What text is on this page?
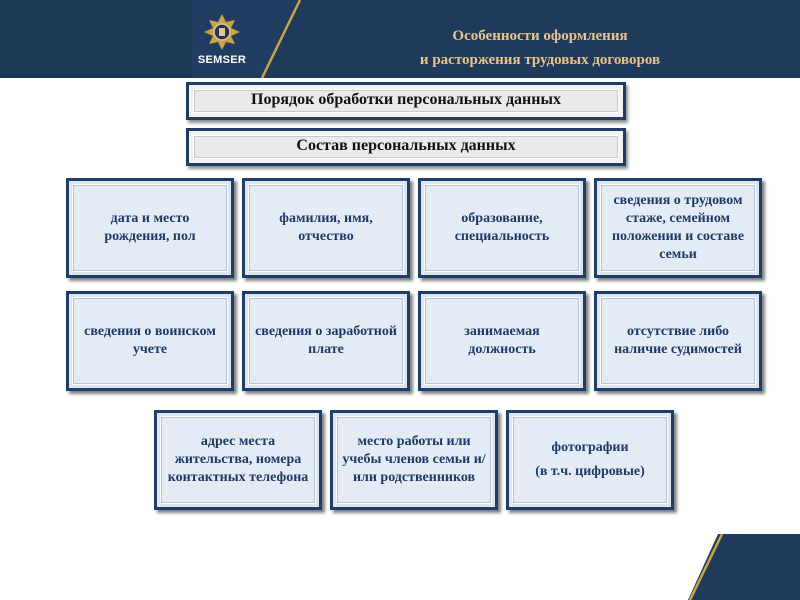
SEMSER
Особенности оформления
и расторжения трудовых договоров
Порядок обработки персональных данных
Состав персональных данных
дата и место рождения, пол
фамилия, имя, отчество
образование, специальность
сведения о трудовом стаже, семейном положении и составе семьи
сведения о воинском учете
сведения о заработной плате
занимаемая должность
отсутствие либо наличие судимостей
адрес места жительства, номера контактных телефона
место работы или учебы членов семьи и/или родственников
фотографии
(в т.ч. цифровые)
